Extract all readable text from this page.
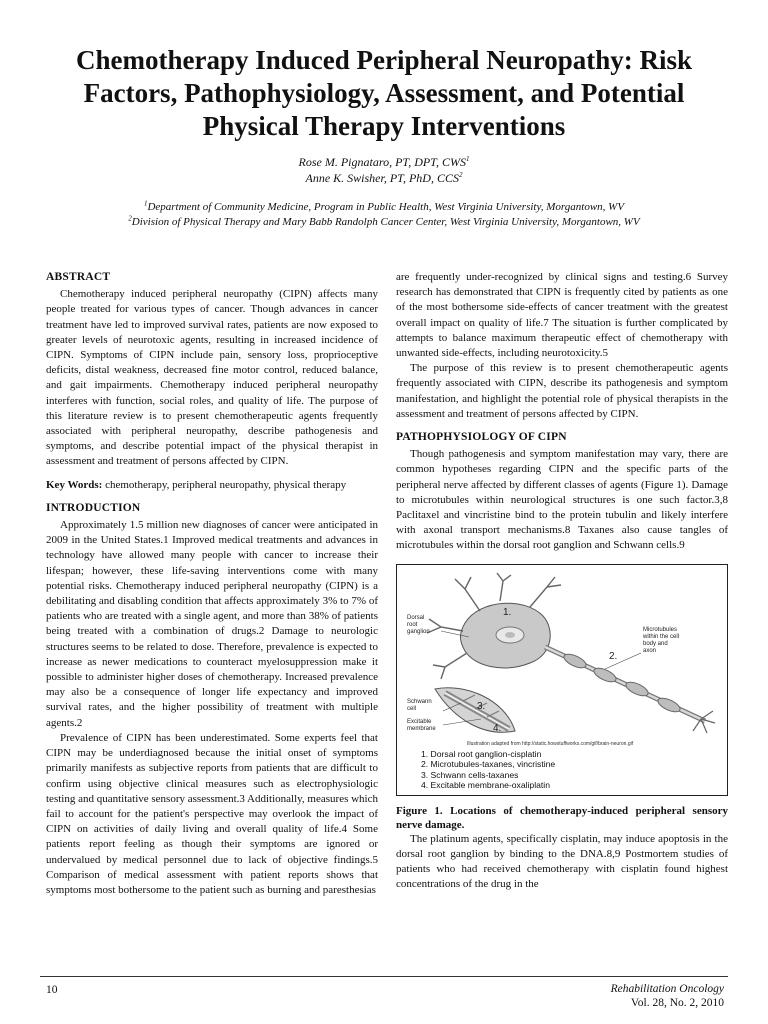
Chemotherapy Induced Peripheral Neuropathy: Risk Factors, Pathophysiology, Assessment, and Potential Physical Therapy Interventions
Rose M. Pignataro, PT, DPT, CWS$^1$
Anne K. Swisher, PT, PhD, CCS$^2$
$^1$Department of Community Medicine, Program in Public Health, West Virginia University, Morgantown, WV
$^2$Division of Physical Therapy and Mary Babb Randolph Cancer Center, West Virginia University, Morgantown, WV
ABSTRACT

Chemotherapy induced peripheral neuropathy (CIPN) affects many people treated for various types of cancer. Though advances in cancer treatment have led to improved survival rates, patients are now exposed to greater levels of neurotoxic agents, resulting in increased incidence of CIPN. Symptoms of CIPN include pain, sensory loss, proprioceptive deficits, distal weakness, decreased fine motor control, reduced balance, and gait impairments. Chemotherapy induced peripheral neuropathy interferes with function, social roles, and quality of life. The purpose of this literature review is to present chemotherapeutic agents frequently associated with peripheral neuropathy, describe pathogenesis and symptoms, and describe potential impact of the physical therapist in assessment and treatment of persons affected by CIPN.

Key Words: chemotherapy, peripheral neuropathy, physical therapy

INTRODUCTION

Approximately 1.5 million new diagnoses of cancer were anticipated in 2009 in the United States.1 Improved medical treatments and advances in technology have allowed many people with cancer to increase their lifespan; however, these life-saving interventions come with many potential risks. Chemotherapy induced peripheral neuropathy (CIPN) is a debilitating and disabling condition that affects approximately 3% to 7% of patients who are treated with a single agent, and more than 38% of patients being treated with a combination of drugs.2 Damage to neurologic structures seems to be related to dose. Therefore, prevalence is expected to increase as newer medications to counteract myelosuppression make it possible to administer higher doses of chemotherapy. Increased prevalence may also be a consequence of longer life expectancy and improved survival rates, and the higher possibility of treatment with multiple agents.2

Prevalence of CIPN has been underestimated. Some experts feel that CIPN may be underdiagnosed because the initial onset of symptoms primarily manifests as subjective reports from patients that are difficult to confirm using objective clinical measures such as electrophysiologic testing and quantitative sensory assessment.3 Additionally, measures which fail to account for the patient's perspective may overlook the impact of CIPN on activities of daily living and overall quality of life.4 Some patients report feeling as though their symptoms are ignored or undervalued by medical personnel due to lack of objective findings.5 Comparison of medical assessment with patient reports shows that symptoms most bothersome to the patient such as burning and paresthesias

are frequently under-recognized by clinical signs and testing.6 Survey research has demonstrated that CIPN is frequently cited by patients as one of the most bothersome side-effects of cancer treatment with the greatest overall impact on quality of life.7 The situation is further complicated by attempts to balance maximum therapeutic effect of chemotherapy with unwanted side-effects, including neurotoxicity.5

The purpose of this review is to present chemotherapeutic agents frequently associated with CIPN, describe its pathogenesis and symptom manifestation, and highlight the potential role of physical therapists in the assessment and treatment of persons affected by CIPN.

PATHOPHYSIOLOGY OF CIPN

Though pathogenesis and symptom manifestation may vary, there are common hypotheses regarding CIPN and the specific parts of the peripheral nerve affected by different classes of agents (Figure 1). Damage to microtubules within neurological structures is one such factor.3,8 Paclitaxel and vincristine bind to the protein tubulin and likely interfere with axonal transport mechanisms.8 Taxanes also cause tangles of microtubules within the dorsal root ganglion and Schwann cells.9

Dorsal root ganglion	Microtubules within the cell body and axon
Schwann cell
Excitable membrane
1.
2.
3.
4.
Illustration adapted from http://static.howstuffworks.com/gif/brain-neuron.gif
1. Dorsal root ganglion-cisplatin
2. Microtubules-taxanes, vincristine
3. Schwann cells-taxanes
4. Excitable membrane-oxaliplatin

Figure 1. Locations of chemotherapy-induced peripheral sensory nerve damage.

The platinum agents, specifically cisplatin, may induce apoptosis in the dorsal root ganglion by binding to the DNA.8,9 Postmortem studies of patients who had received chemotherapy with cisplatin found highest concentrations of the drug in the

10	Rehabilitation Oncology
Vol. 28, No. 2, 2010
